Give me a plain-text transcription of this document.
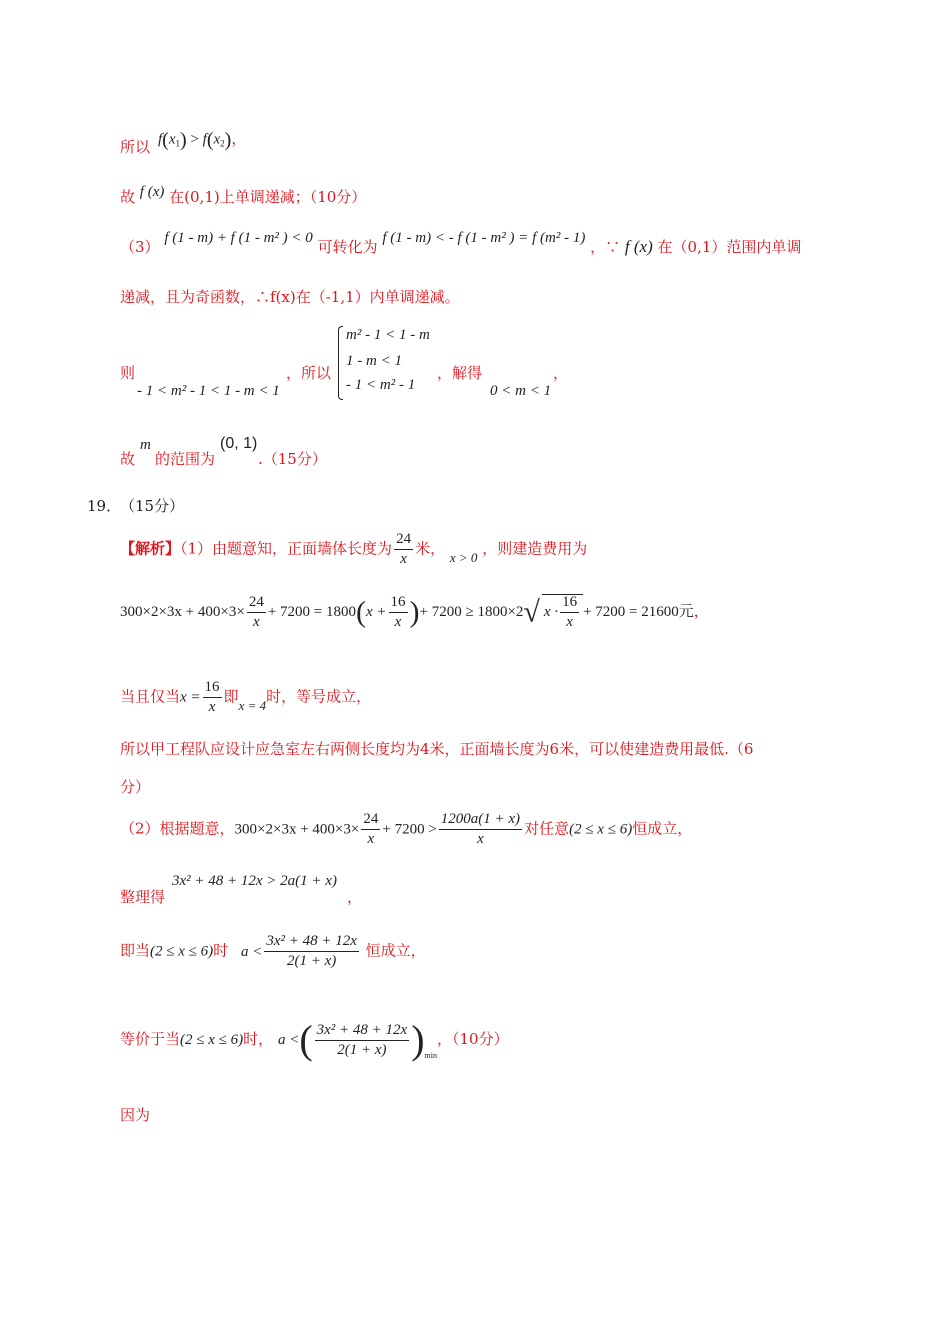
所以 $f(x_1) > f(x_2)$，
故 f (x) 在(0,1)上单调递减；（10分）
（3） f (1 - m) + f (1 - m² ) < 0 可转化为 f (1 - m) < - f (1 - m² ) = f (m² - 1) ，∵ f (x) 在（0,1）范围内单调
递减，且为奇函数，∴f(x)在（-1,1）内单调递减。
则
- 1 < m² - 1 < 1 - m < 1
，所以
m² - 1 < 1 - m
1 - m < 1
- 1 < m² - 1
，解得
0 < m < 1
，
故
m
的范围为
(0, 1)
.（15分）
19．
（15分）
【解析】（1）由题意知，正面墙体长度为 $\frac{24}{x}$ 米， x > 0 ，则建造费用为
$300\times 2\times 3x + 400\times 3\times \frac{24}{x} + 7200 = 1800(x + \frac{16}{x}$ )+ 7200 ≥ 1800×2√ $x \cdot \frac{16}{x} + 7200 = 21600$元，
当且仅当$x = \frac{16}{x}$ 即x = 4时，等号成立，
所以甲工程队应设计应急室左右两侧长度均为4米，正面墙长度为6米，可以使建造费用最低.（6
分）
（2）根据题意，$300\times 2\times 3x + 400\times 3\times \frac{24}{x} + 7200 > \frac{1200a(1 + x)}{x}$ 对任意(2 ≤ x ≤ 6)恒成立，
整理得
3x² + 48 + 12x > 2a(1 + x)
，
即当(2 ≤ x ≤ 6)时 $a < \frac{\text{3x² + 48 + 12x}}{2(1 + x)}$ 恒成立，
等价于当(2 ≤ x ≤ 6)时， a <( $\frac{\text{3x² + 48 + 12x}}{2(1 + x)} )_{min}$，（10分）
因为
